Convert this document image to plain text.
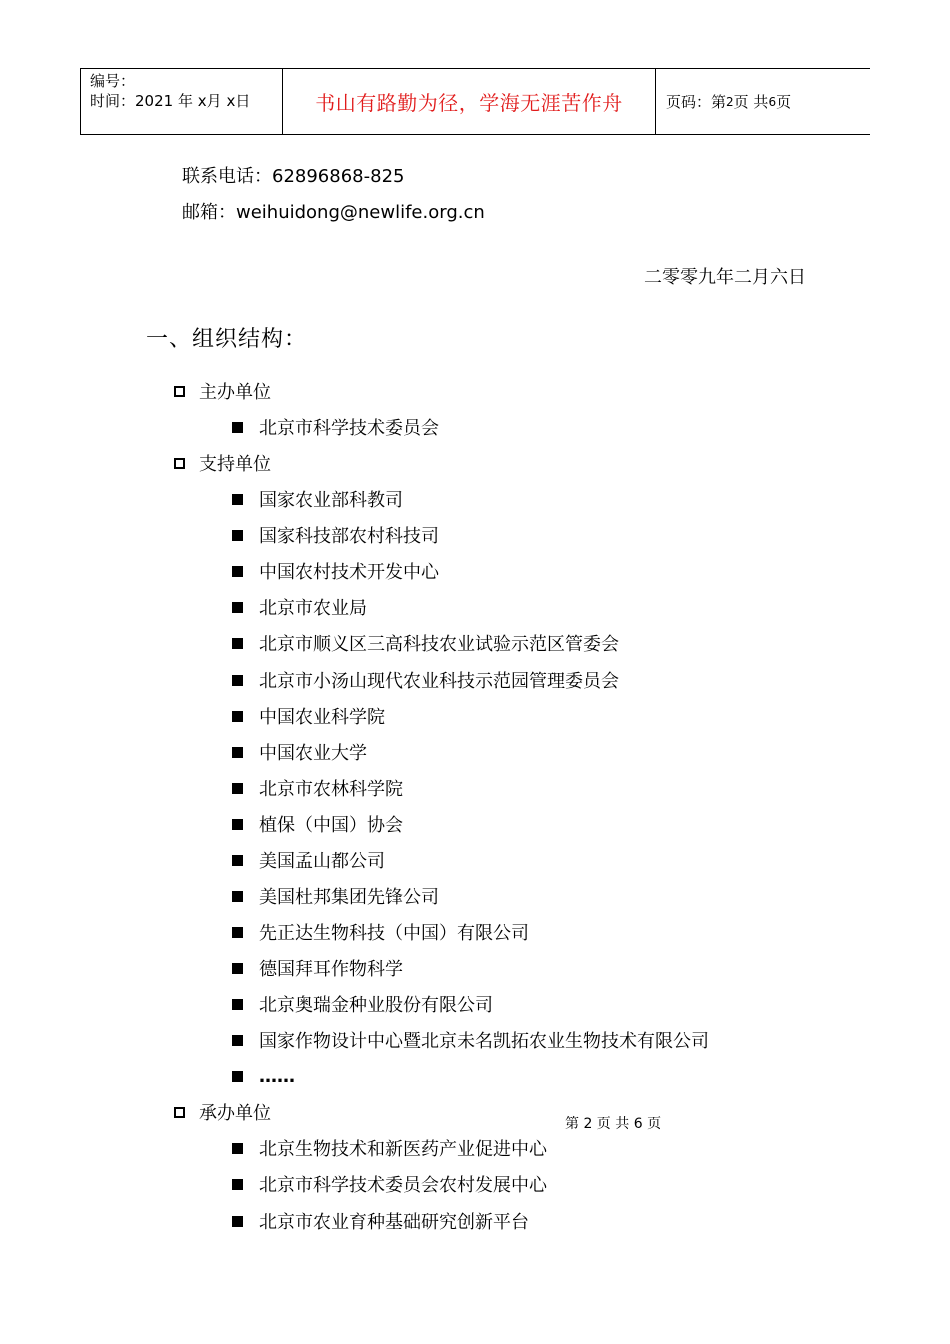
编号：
时间：2021 年 x月 x日	书山有路勤为径，学海无涯苦作舟	页码：第 2 页 共 6 页
联系电话：62896868-825
邮箱：weihuidong@newlife.org.cn
二零零九年二月六日
一、组织结构：
主办单位
北京市科学技术委员会
支持单位
国家农业部科教司
国家科技部农村科技司
中国农村技术开发中心
北京市农业局
北京市顺义区三高科技农业试验示范区管委会
北京市小汤山现代农业科技示范园管理委员会
中国农业科学院
中国农业大学
北京市农林科学院
植保（中国）协会
美国孟山都公司
美国杜邦集团先锋公司
先正达生物科技（中国）有限公司
德国拜耳作物科学
北京奥瑞金种业股份有限公司
国家作物设计中心暨北京未名凯拓农业生物技术有限公司
……
承办单位	第 2 页 共 6 页
北京生物技术和新医药产业促进中心
北京市科学技术委员会农村发展中心
北京市农业育种基础研究创新平台
